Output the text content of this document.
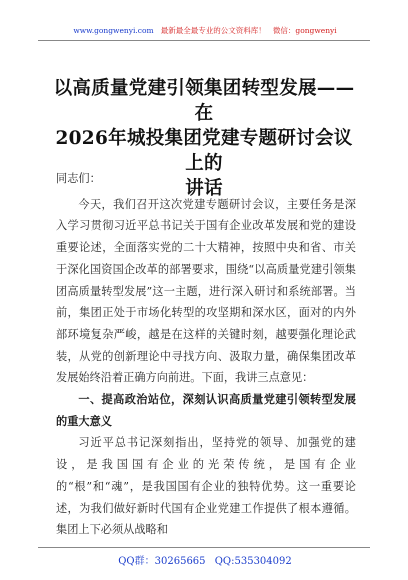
www.gongwenyi.com 最新最全最专业的公文资料库！ 微信：gongwenyi
以高质量党建引领集团转型发展——在
2026年城投集团党建专题研讨会议上的
讲话

同志们：

今天，我们召开这次党建专题研讨会议，主要任务是深入学习贯彻习近平总书记关于国有企业改革发展和党的建设重要论述，全面落实党的二十大精神，按照中央和省、市关于深化国资国企改革的部署要求，围绕“以高质量党建引领集团高质量转型发展”这一主题，进行深入研讨和系统部署。当前，集团正处于市场化转型的攻坚期和深水区，面对的内外部环境复杂严峻，越是在这样的关键时刻，越要强化理论武装，从党的创新理论中寻找方向、汲取力量，确保集团改革发展始终沿着正确方向前进。下面，我讲三点意见：

一、提高政治站位，深刻认识高质量党建引领转型发展的重大意义

习近平总书记深刻指出，坚持党的领导、加强党的建设，是我国国有企业的光荣传统，是国有企业的“根”和“魂”，是我国国有企业的独特优势。这一重要论述，为我们做好新时代国有企业党建工作提供了根本遵循。集团上下必须从战略和

QQ群：30265665 QQ:535304092
